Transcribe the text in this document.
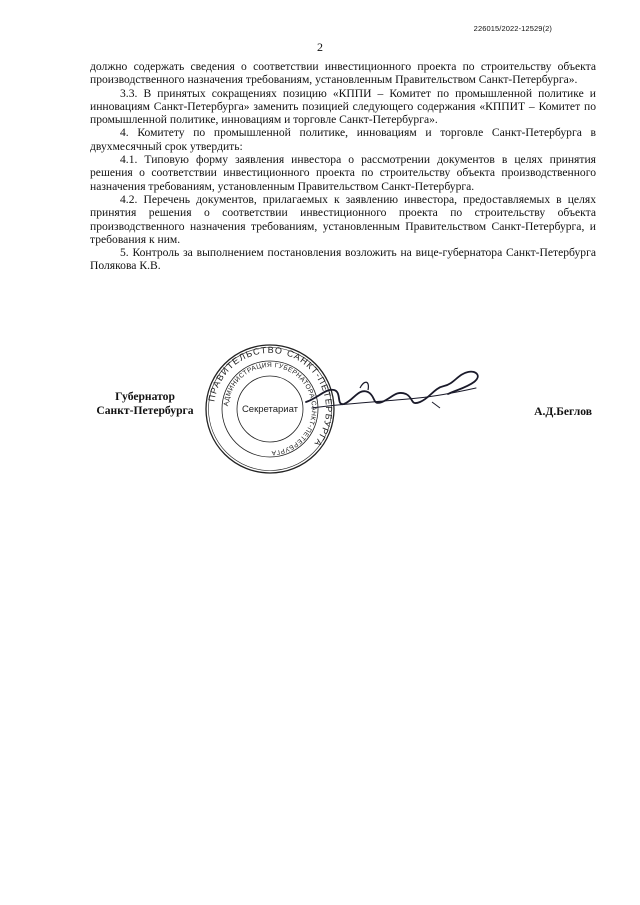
226015/2022-12529(2)
2

должно содержать сведения о соответствии инвестиционного проекта по строительству объекта производственного назначения требованиям, установленным Правительством Санкт-Петербурга».

3.3. В принятых сокращениях позицию «КППИ – Комитет по промышленной политике и инновациям Санкт-Петербурга» заменить позицией следующего содержания «КППИТ – Комитет по промышленной политике, инновациям и торговле Санкт-Петербурга».

4. Комитету по промышленной политике, инновациям и торговле Санкт-Петербурга в двухмесячный срок утвердить:

4.1. Типовую форму заявления инвестора о рассмотрении документов в целях принятия решения о соответствии инвестиционного проекта по строительству объекта производственного назначения требованиям, установленным Правительством Санкт-Петербурга.

4.2. Перечень документов, прилагаемых к заявлению инвестора, предоставляемых в целях принятия решения о соответствии инвестиционного проекта по строительству объекта производственного назначения требованиям, установленным Правительством Санкт-Петербурга, и требования к ним.

5. Контроль за выполнением постановления возложить на вице-губернатора Санкт-Петербурга Полякова К.В.

Губернатор
Санкт-Петербурга
ПРАВИТЕЛЬСТВО САНКТ-ПЕТЕРБУРГА
АДМИНИСТРАЦИЯ ГУБЕРНАТОРА САНКТ-ПЕТЕРБУРГА
Секретариат	А.Д.Беглов
